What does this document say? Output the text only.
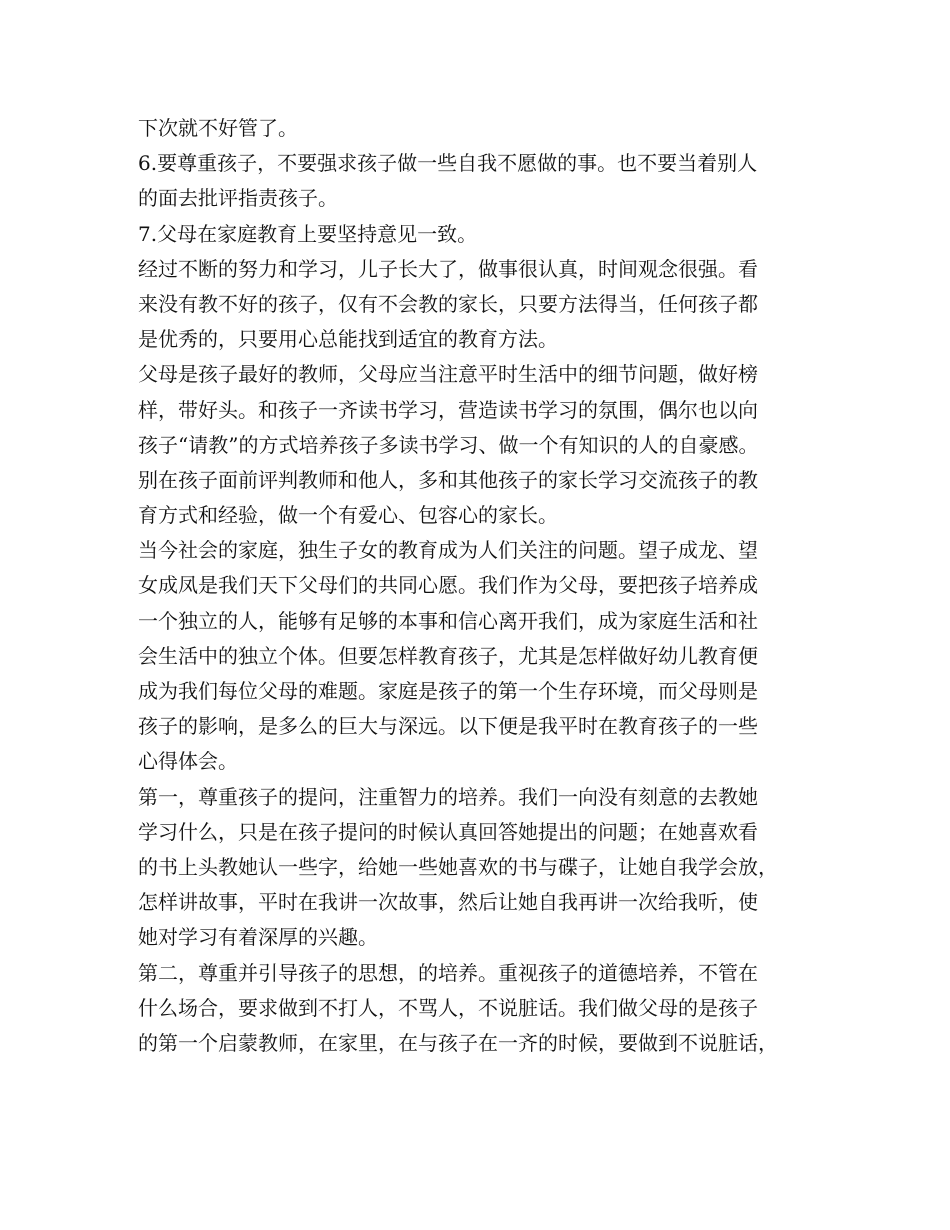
下次就不好管了。
6.要尊重孩子，不要强求孩子做一些自我不愿做的事。也不要当着别人
的面去批评指责孩子。
7.父母在家庭教育上要坚持意见一致。
经过不断的努力和学习，儿子长大了，做事很认真，时间观念很强。看
来没有教不好的孩子，仅有不会教的家长，只要方法得当，任何孩子都
是优秀的，只要用心总能找到适宜的教育方法。
父母是孩子最好的教师，父母应当注意平时生活中的细节问题，做好榜
样，带好头。和孩子一齐读书学习，营造读书学习的氛围，偶尔也以向
孩子“请教”的方式培养孩子多读书学习、做一个有知识的人的自豪感。
别在孩子面前评判教师和他人，多和其他孩子的家长学习交流孩子的教
育方式和经验，做一个有爱心、包容心的家长。
当今社会的家庭，独生子女的教育成为人们关注的问题。望子成龙、望
女成凤是我们天下父母们的共同心愿。我们作为父母，要把孩子培养成
一个独立的人，能够有足够的本事和信心离开我们，成为家庭生活和社
会生活中的独立个体。但要怎样教育孩子，尤其是怎样做好幼儿教育便
成为我们每位父母的难题。家庭是孩子的第一个生存环境，而父母则是
孩子的影响，是多么的巨大与深远。以下便是我平时在教育孩子的一些
心得体会。
第一，尊重孩子的提问，注重智力的培养。我们一向没有刻意的去教她
学习什么，只是在孩子提问的时候认真回答她提出的问题；在她喜欢看
的书上头教她认一些字，给她一些她喜欢的书与碟子，让她自我学会放，
怎样讲故事，平时在我讲一次故事，然后让她自我再讲一次给我听，使
她对学习有着深厚的兴趣。
第二，尊重并引导孩子的思想，的培养。重视孩子的道德培养，不管在
什么场合，要求做到不打人，不骂人，不说脏话。我们做父母的是孩子
的第一个启蒙教师，在家里，在与孩子在一齐的时候，要做到不说脏话，
